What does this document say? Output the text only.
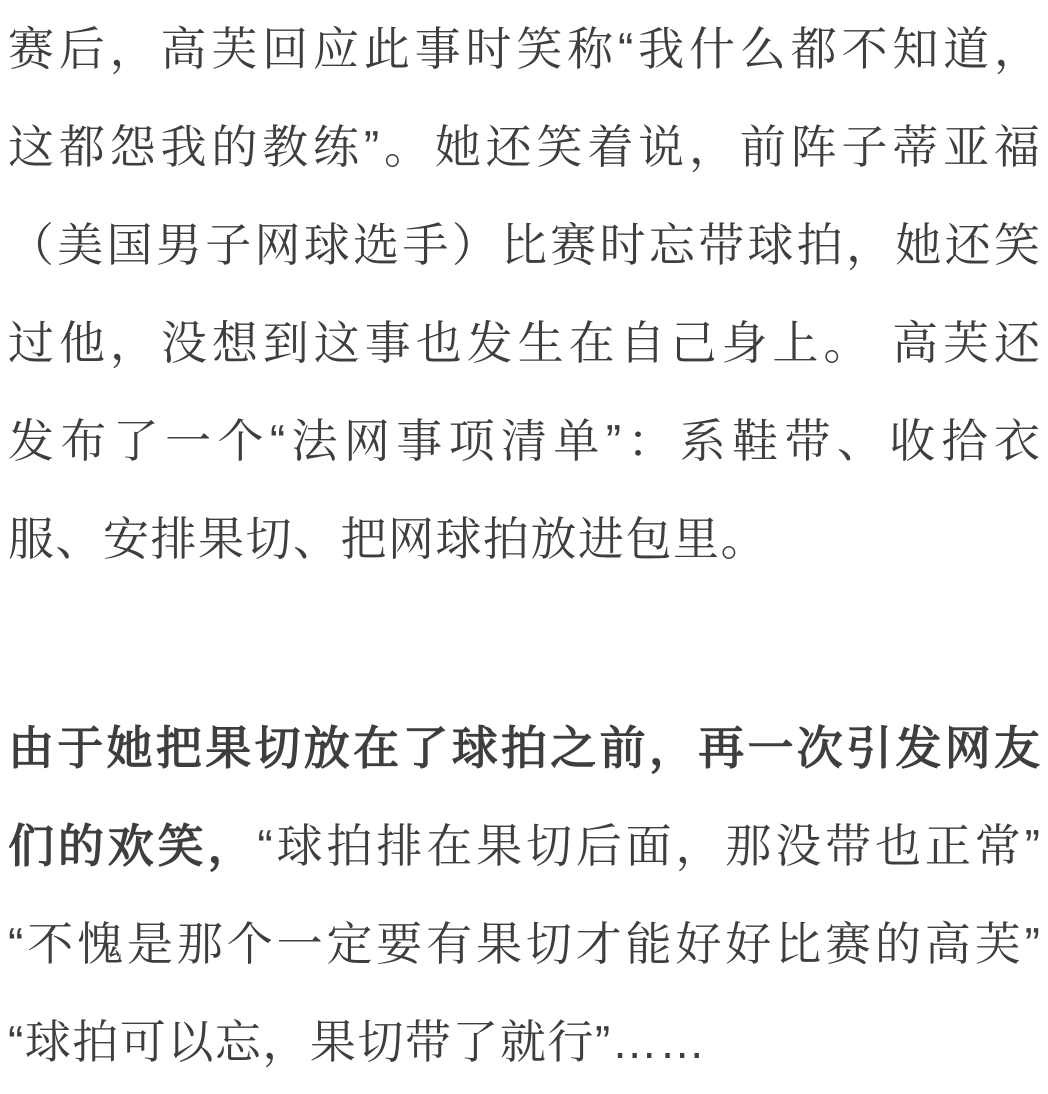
赛后，高芙回应此事时笑称“我什么都不知道，
这都怨我的教练”。她还笑着说，前阵子蒂亚福
（美国男子网球选手）比赛时忘带球拍，她还笑
过他，没想到这事也发生在自己身上。 高芙还
发布了一个“法网事项清单”：系鞋带、收拾衣
服、安排果切、把网球拍放进包里。
由于她把果切放在了球拍之前，再一次引发网友
们的欢笑，“球拍排在果切后面，那没带也正常”
“不愧是那个一定要有果切才能好好比赛的高芙”
“球拍可以忘，果切带了就行”……
